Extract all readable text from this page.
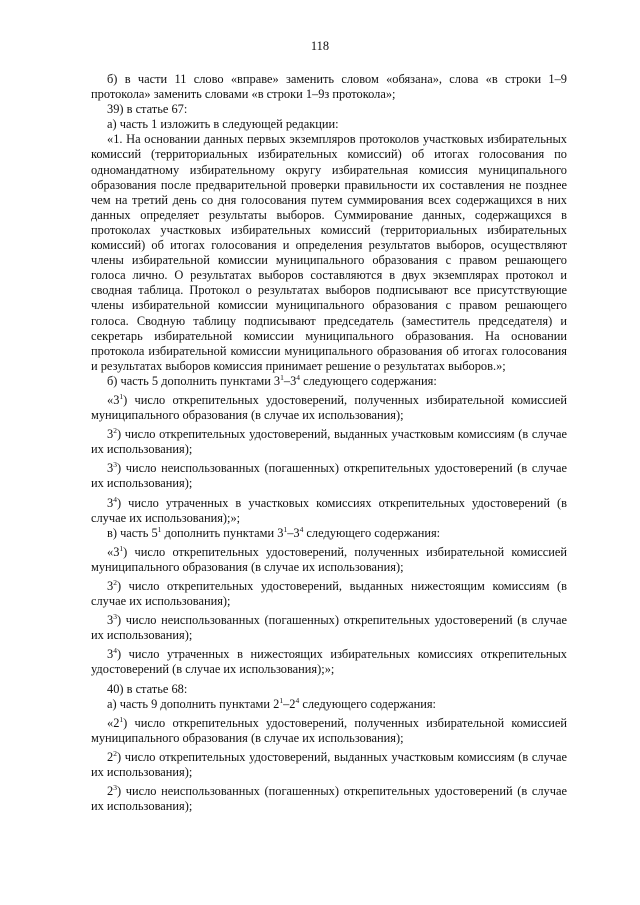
118

б) в части 11 слово «вправе» заменить словом «обязана», слова «в строки 1–9 протокола» заменить словами «в строки 1–9з протокола»;

39) в статье 67:

а) часть 1 изложить в следующей редакции:

«1. На основании данных первых экземпляров протоколов участковых избирательных комиссий (территориальных избирательных комиссий) об итогах голосования по одномандатному избирательному округу избирательная комиссия муниципального образования после предварительной проверки правильности их составления не позднее чем на третий день со дня голосования путем суммирования всех содержащихся в них данных определяет результаты выборов. Суммирование данных, содержащихся в протоколах участковых избирательных комиссий (территориальных избирательных комиссий) об итогах голосования и определения результатов выборов, осуществляют члены избирательной комиссии муниципального образования с правом решающего голоса лично. О результатах выборов составляются в двух экземплярах протокол и сводная таблица. Протокол о результатах выборов подписывают все присутствующие члены избирательной комиссии муниципального образования с правом решающего голоса. Сводную таблицу подписывают председатель (заместитель председателя) и секретарь избирательной комиссии муниципального образования. На основании протокола избирательной комиссии муниципального образования об итогах голосования и результатах выборов комиссия принимает решение о результатах выборов.»;

б) часть 5 дополнить пунктами $3^1-3^4$ следующего содержания:

«$3^1$) число открепительных удостоверений, полученных избирательной комиссией муниципального образования (в случае их использования);

$3^2$) число открепительных удостоверений, выданных участковым комиссиям (в случае их использования);

$3^3$) число неиспользованных (погашенных) открепительных удостоверений (в случае их использования);

$3^4$) число утраченных в участковых комиссиях открепительных удостоверений (в случае их использования);»;

в) часть $5^1$ дополнить пунктами $3^1-3^4$ следующего содержания:

«$3^1$) число открепительных удостоверений, полученных избирательной комиссией муниципального образования (в случае их использования);

$3^2$) число открепительных удостоверений, выданных нижестоящим комиссиям (в случае их использования);

$3^3$) число неиспользованных (погашенных) открепительных удостоверений (в случае их использования);

$3^4$) число утраченных в нижестоящих избирательных комиссиях открепительных удостоверений (в случае их использования);»;

40) в статье 68:

а) часть 9 дополнить пунктами $2^1-2^4$ следующего содержания:

«$2^1$) число открепительных удостоверений, полученных избирательной комиссией муниципального образования (в случае их использования);

$2^2$) число открепительных удостоверений, выданных участковым комиссиям (в случае их использования);

$2^3$) число неиспользованных (погашенных) открепительных удостоверений (в случае их использования);
